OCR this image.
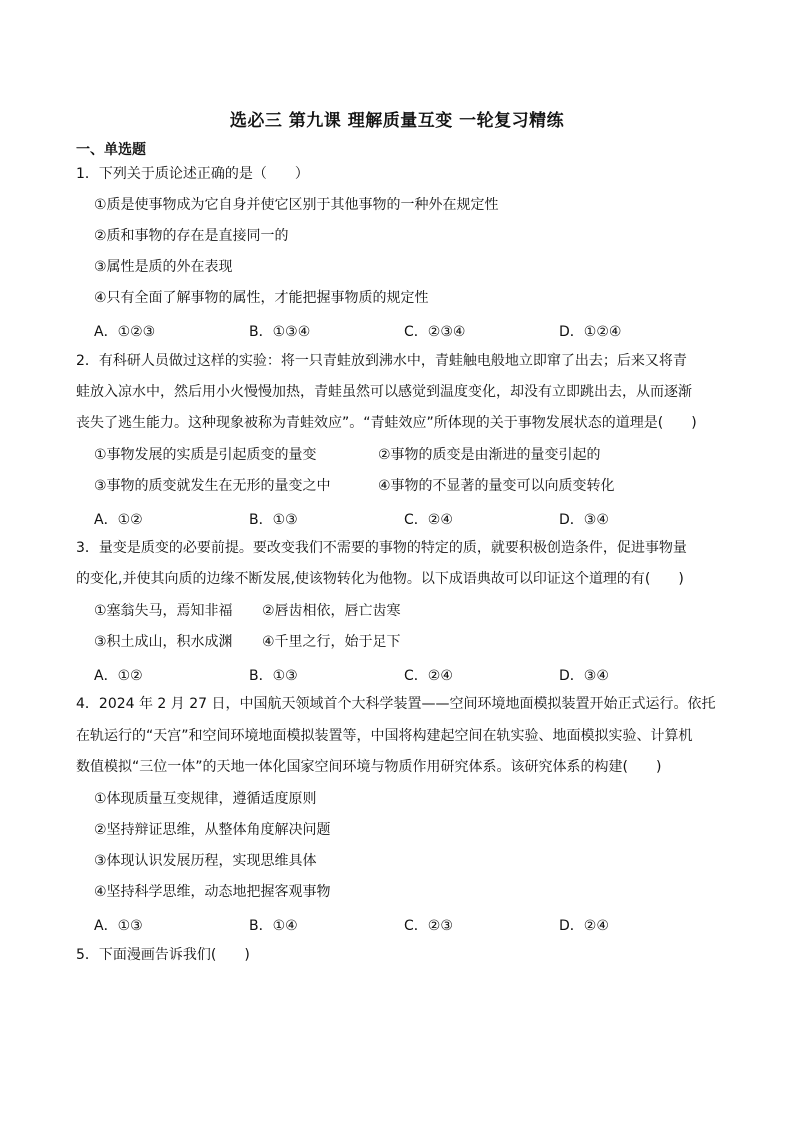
选必三 第九课 理解质量互变 一轮复习精练
一、单选题
1．下列关于质论述正确的是（　　）
①质是使事物成为它自身并使它区别于其他事物的一种外在规定性
②质和事物的存在是直接同一的
③属性是质的外在表现
④只有全面了解事物的属性，才能把握事物质的规定性
A．①②③	B．①③④	C．②③④	D．①②④
2．有科研人员做过这样的实验：将一只青蛙放到沸水中，青蛙触电般地立即窜了出去；后来又将青
蛙放入凉水中，然后用小火慢慢加热，青蛙虽然可以感觉到温度变化，却没有立即跳出去，从而逐渐
丧失了逃生能力。这种现象被称为青蛙效应”。“青蛙效应”所体现的关于事物发展状态的道理是(　　)
①事物发展的实质是引起质变的量变	②事物的质变是由渐进的量变引起的
③事物的质变就发生在无形的量变之中	④事物的不显著的量变可以向质变转化
A．①②	B．①③	C．②④	D．③④
3．量变是质变的必要前提。要改变我们不需要的事物的特定的质，就要积极创造条件，促进事物量
的变化,并使其向质的边缘不断发展,使该物转化为他物。以下成语典故可以印证这个道理的有(　　)
①塞翁失马，焉知非福 ②唇齿相依，唇亡齿寒
③积土成山，积水成渊 ④千里之行，始于足下
A．①②	B．①③	C．②④	D．③④
4．2024 年 2 月 27 日，中国航天领域首个大科学装置——空间环境地面模拟装置开始正式运行。依托
在轨运行的“天宫”和空间环境地面模拟装置等，中国将构建起空间在轨实验、地面模拟实验、计算机
数值模拟“三位一体”的天地一体化国家空间环境与物质作用研究体系。该研究体系的构建(　　)
①体现质量互变规律，遵循适度原则
②坚持辩证思维，从整体角度解决问题
③体现认识发展历程，实现思维具体
④坚持科学思维，动态地把握客观事物
A．①③	B．①④	C．②③	D．②④
5．下面漫画告诉我们(　　)
